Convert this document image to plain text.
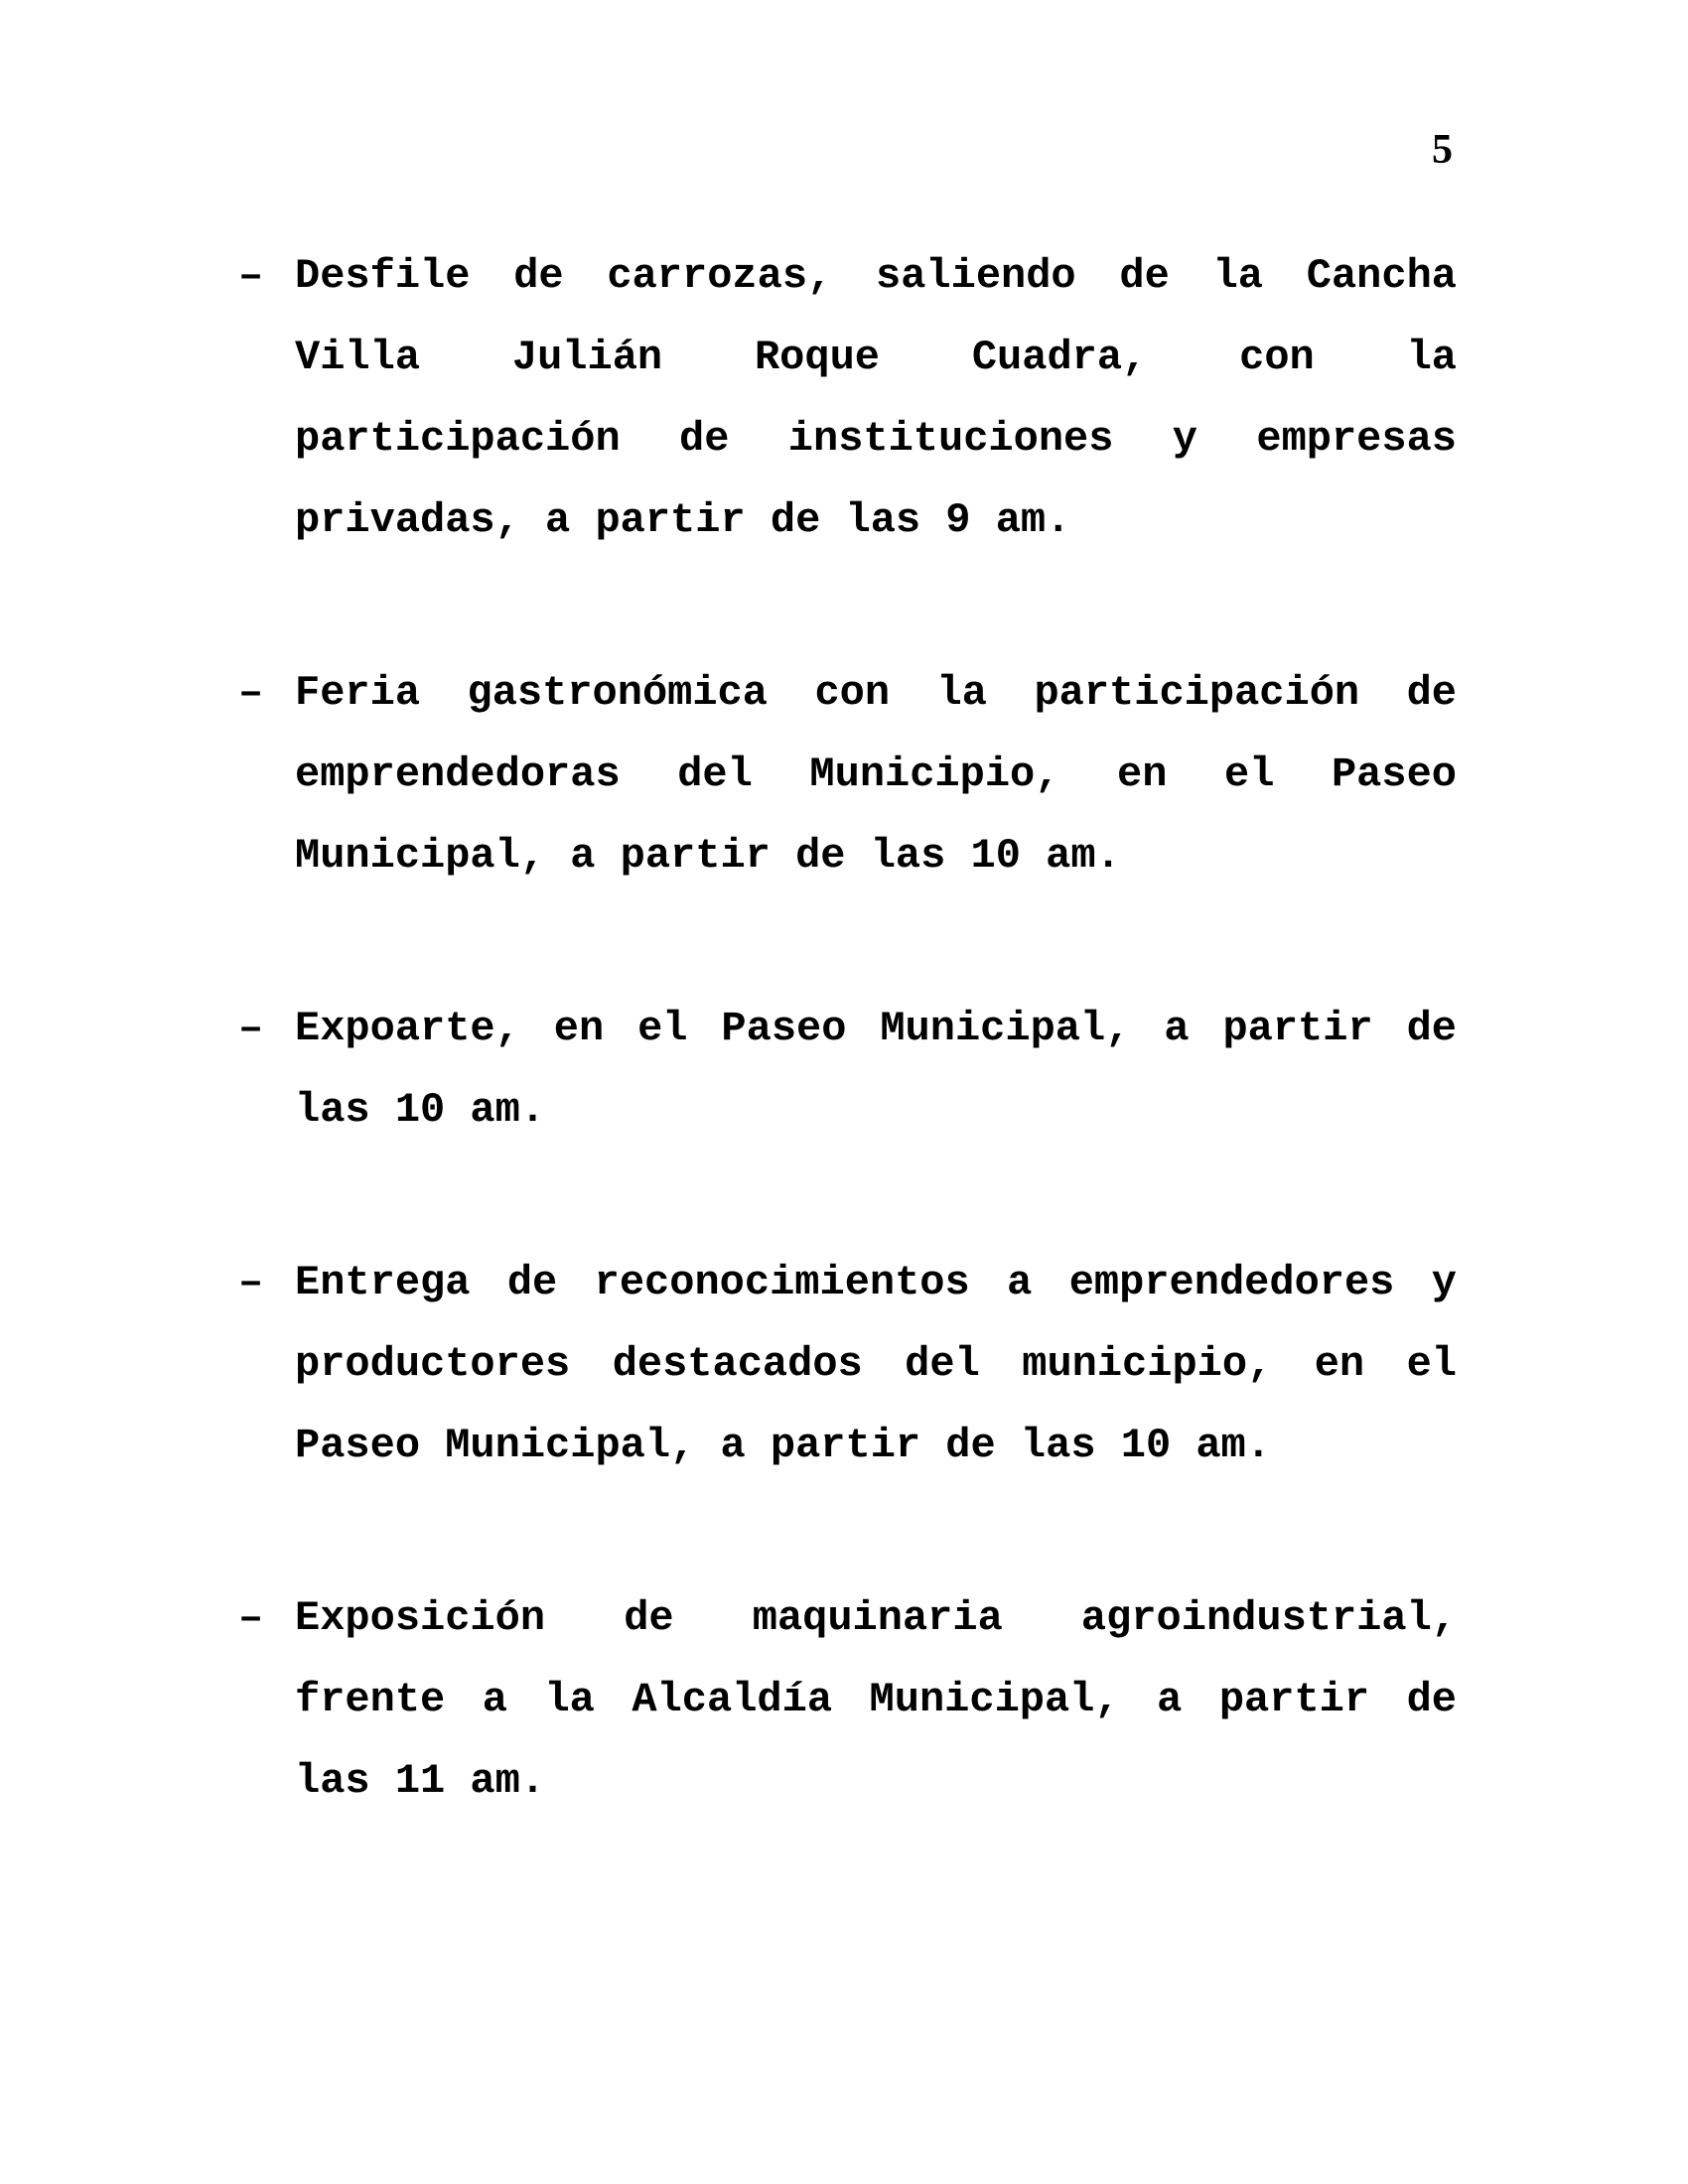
5
– Desfile de carrozas, saliendo de la Cancha Villa Julián Roque Cuadra, con la participación de instituciones y empresas privadas, a partir de las 9 am.

– Feria gastronómica con la participación de emprendedoras del Municipio, en el Paseo Municipal, a partir de las 10 am.

– Expoarte, en el Paseo Municipal, a partir de las 10 am.

– Entrega de reconocimientos a emprendedores y productores destacados del municipio, en el Paseo Municipal, a partir de las 10 am.

– Exposición de maquinaria agroindustrial, frente a la Alcaldía Municipal, a partir de las 11 am.
